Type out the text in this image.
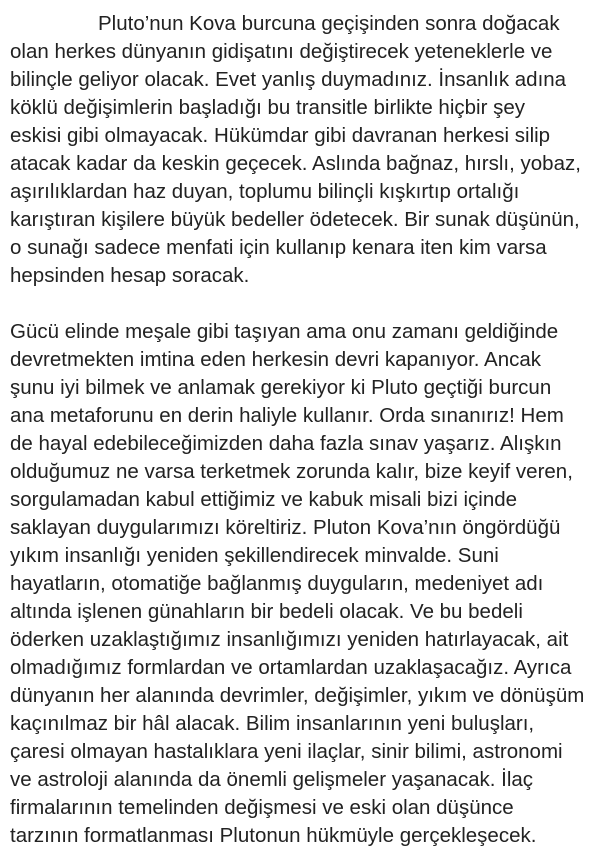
Pluto’nun Kova burcuna geçişinden sonra doğacak
olan herkes dünyanın gidişatını değiştirecek yeteneklerle ve
bilinçle geliyor olacak. Evet yanlış duymadınız. İnsanlık adına
köklü değişimlerin başladığı bu transitle birlikte hiçbir şey
eskisi gibi olmayacak. Hükümdar gibi davranan herkesi silip
atacak kadar da keskin geçecek. Aslında bağnaz, hırslı, yobaz,
aşırılıklardan haz duyan, toplumu bilinçli kışkırtıp ortalığı
karıştıran kişilere büyük bedeller ödetecek. Bir sunak düşünün,
o sunağı sadece menfati için kullanıp kenara iten kim varsa
hepsinden hesap soracak.
Gücü elinde meşale gibi taşıyan ama onu zamanı geldiğinde
devretmekten imtina eden herkesin devri kapanıyor. Ancak
şunu iyi bilmek ve anlamak gerekiyor ki Pluto geçtiği burcun
ana metaforunu en derin haliyle kullanır. Orda sınanırız! Hem
de hayal edebileceğimizden daha fazla sınav yaşarız. Alışkın
olduğumuz ne varsa terketmek zorunda kalır, bize keyif veren,
sorgulamadan kabul ettiğimiz ve kabuk misali bizi içinde
saklayan duygularımızı köreltiriz. Pluton Kova’nın öngördüğü
yıkım insanlığı yeniden şekillendirecek minvalde. Suni
hayatların, otomatiğe bağlanmış duyguların, medeniyet adı
altında işlenen günahların bir bedeli olacak. Ve bu bedeli
öderken uzaklaştığımız insanlığımızı yeniden hatırlayacak, ait
olmadığımız formlardan ve ortamlardan uzaklaşacağız. Ayrıca
dünyanın her alanında devrimler, değişimler, yıkım ve dönüşüm
kaçınılmaz bir hâl alacak. Bilim insanlarının yeni buluşları,
çaresi olmayan hastalıklara yeni ilaçlar, sinir bilimi, astronomi
ve astroloji alanında da önemli gelişmeler yaşanacak. İlaç
firmalarının temelinden değişmesi ve eski olan düşünce
tarzının formatlanması Plutonun hükmüyle gerçekleşecek.
